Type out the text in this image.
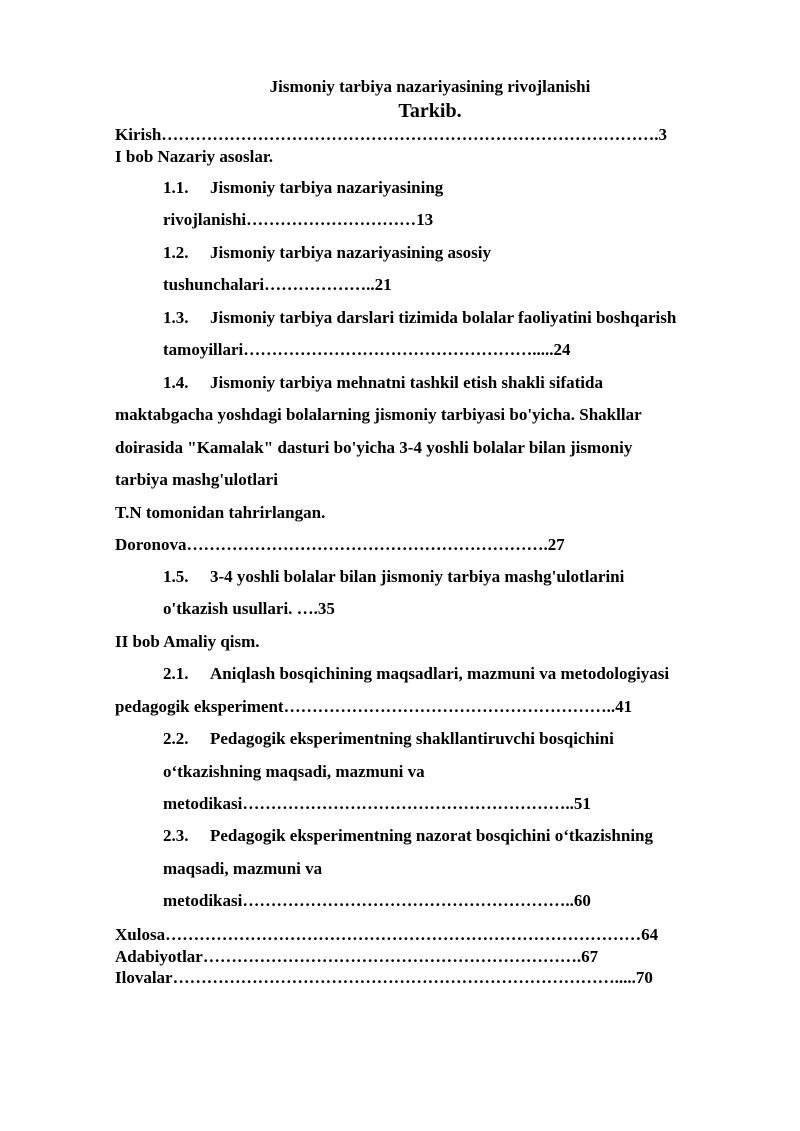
Jismoniy tarbiya nazariyasining rivojlanishi
Tarkib.
Kirish…………………………………………………………………………….3
I bob Nazariy asoslar.
1.1. Jismoniy tarbiya nazariyasining
rivojlanishi…………………………13
1.2. Jismoniy tarbiya nazariyasining asosiy
tushunchalari………………..21
1.3. Jismoniy tarbiya darslari tizimida bolalar faoliyatini boshqarish
tamoyillari…………………………………………….....24
1.4. Jismoniy tarbiya mehnatni tashkil etish shakli sifatida
maktabgacha yoshdagi bolalarning jismoniy tarbiyasi bo'yicha. Shakllar
doirasida "Kamalak" dasturi bo'yicha 3-4 yoshli bolalar bilan jismoniy
tarbiya mashg'ulotlari
T.N tomonidan tahrirlangan.
Doronova……………………………………………………….27
1.5. 3-4 yoshli bolalar bilan jismoniy tarbiya mashg'ulotlarini
o'tkazish usullari. ….35
II bob Amaliy qism.
2.1. Aniqlash bosqichining maqsadlari, mazmuni va metodologiyasi
pedagogik eksperiment…………………………………………………..41
2.2. Pedagogik eksperimentning shakllantiruvchi bosqichini
o‘tkazishning maqsadi, mazmuni va
metodikasi…………………………………………………..51
2.3. Pedagogik eksperimentning nazorat bosqichini o‘tkazishning
maqsadi, mazmuni va
metodikasi…………………………………………………..60
Xulosa…………………………………………………………………………64
Adabiyotlar………………………………………………………….67
Ilovalar…………………………………………………………………….....70
